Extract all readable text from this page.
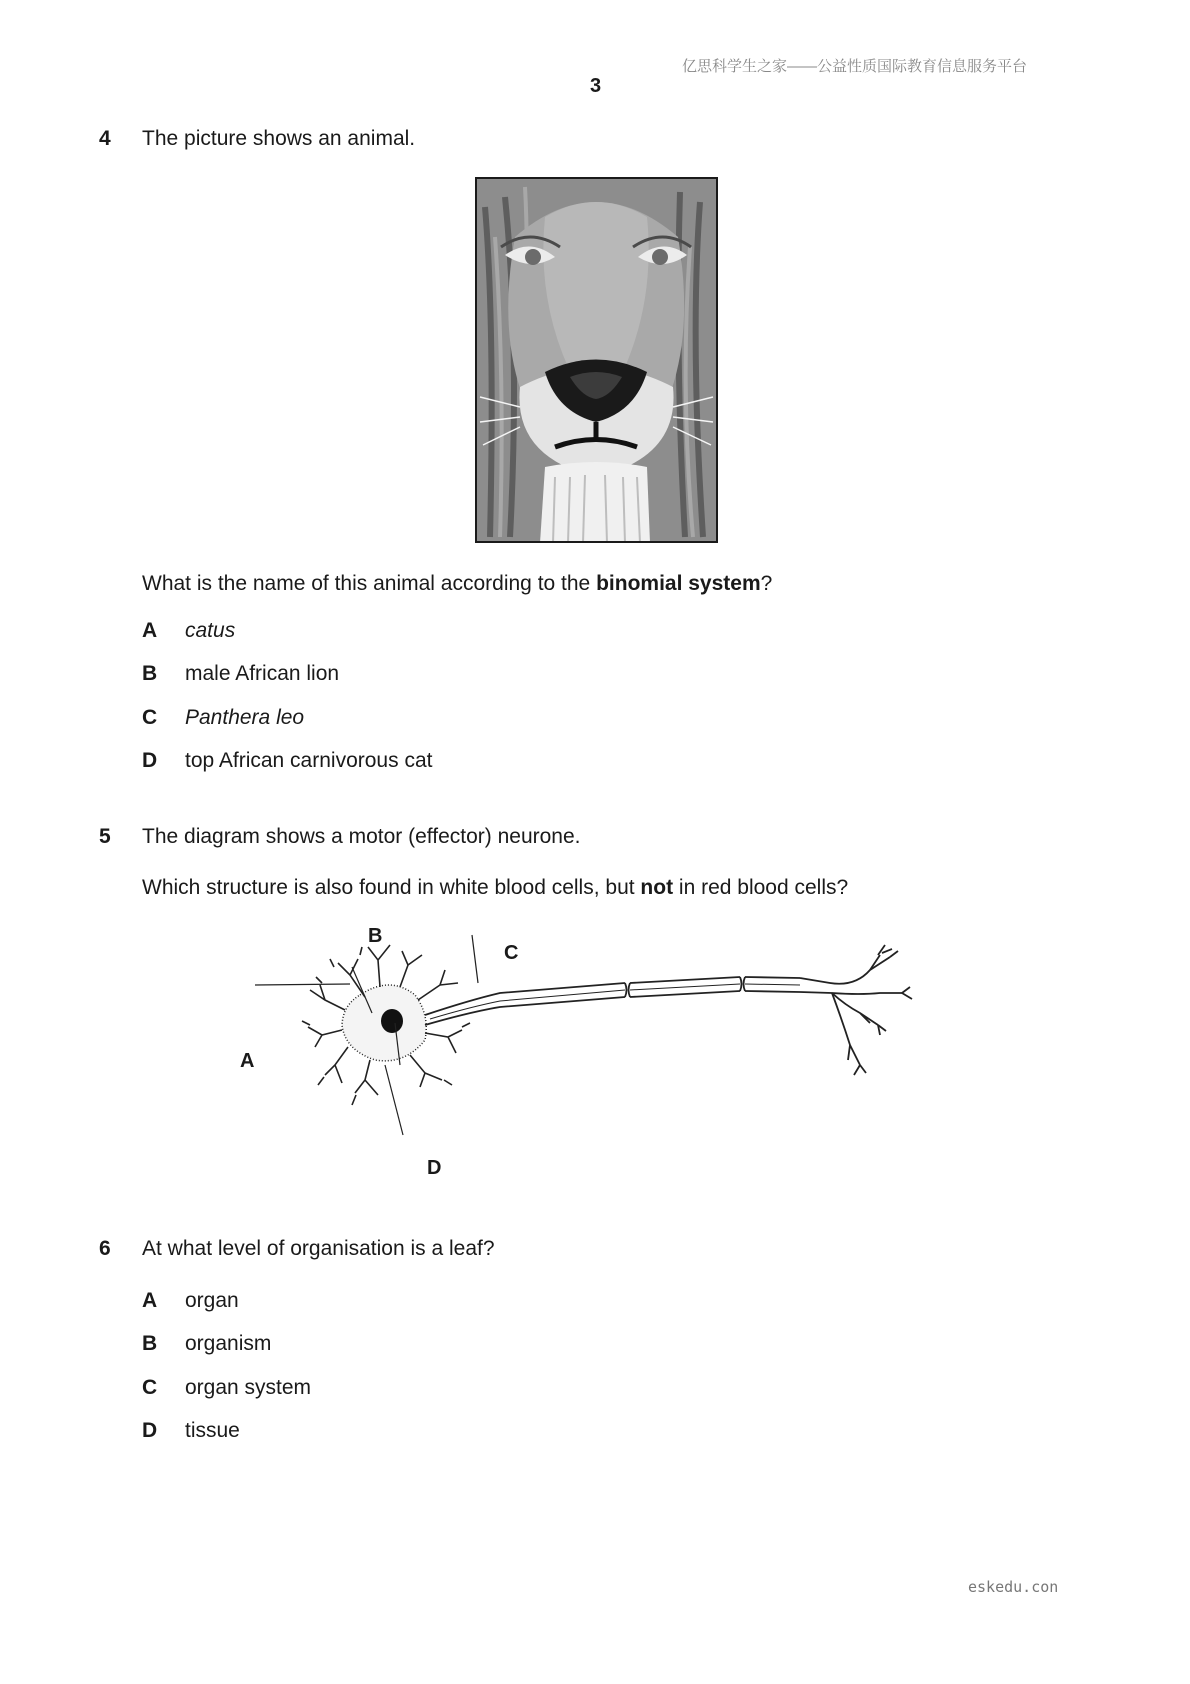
亿思科学生之家——公益性质国际教育信息服务平台
3
4 The picture shows an animal.
What is the name of this animal according to the binomial system?
A catus
B male African lion
C Panthera leo
D top African carnivorous cat
5 The diagram shows a motor (effector) neurone.
Which structure is also found in white blood cells, but not in red blood cells?
A
B
C
D
6 At what level of organisation is a leaf?
A organ
B organism
C organ system
D tissue
eskedu.con
